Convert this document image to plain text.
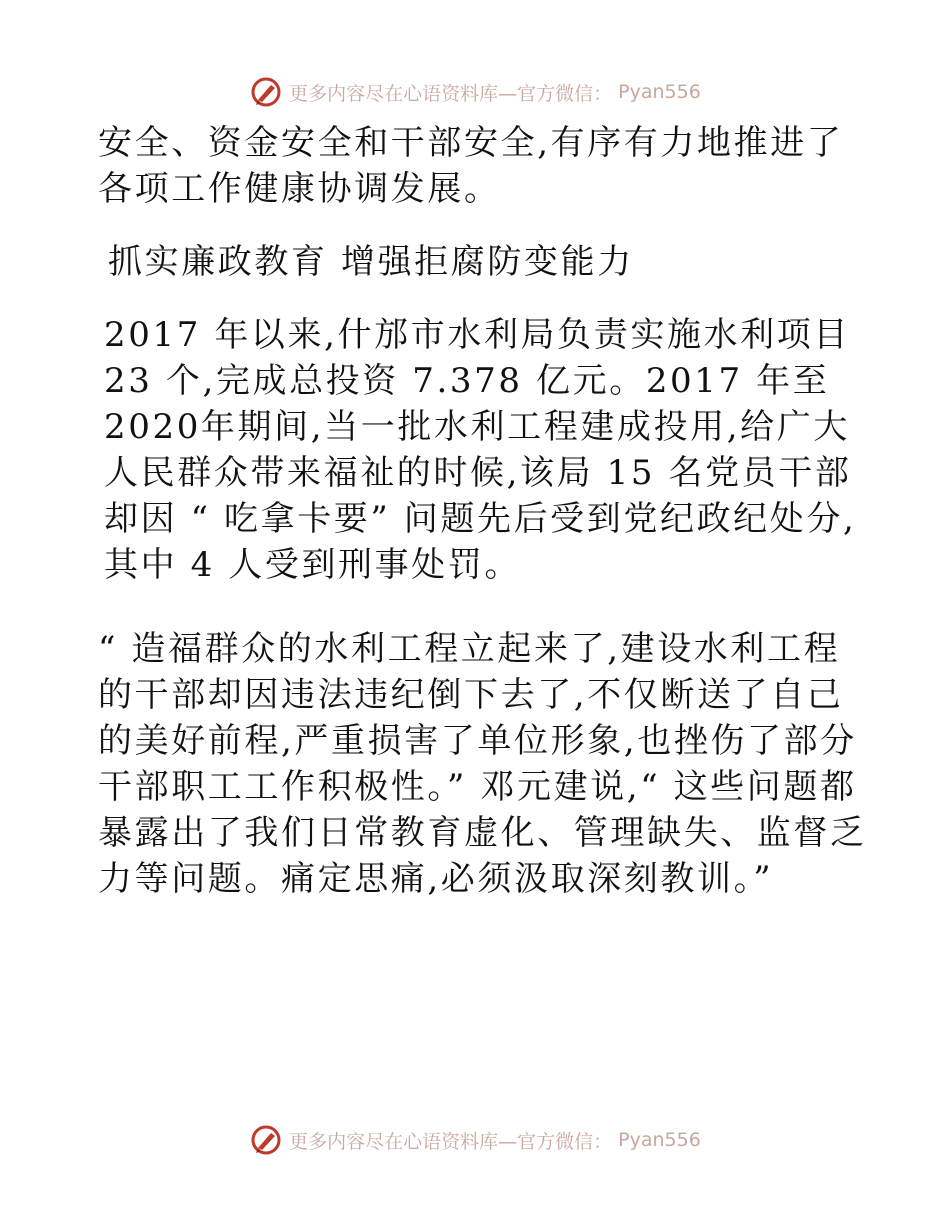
更多内容尽在心语资料库—官方微信： Pyan556

安全、资金安全和干部安全,有序有力地推进了各项工作健康协调发展。

抓实廉政教育 增强拒腐防变能力

2017 年以来,什邡市水利局负责实施水利项目 23 个,完成总投资 7.378 亿元。2017 年至 2020年期间,当一批水利工程建成投用,给广大人民群众带来福祉的时候,该局 15 名党员干部却因 “ 吃拿卡要” 问题先后受到党纪政纪处分,其中 4 人受到刑事处罚。

“ 造福群众的水利工程立起来了,建设水利工程的干部却因违法违纪倒下去了,不仅断送了自己的美好前程,严重损害了单位形象,也挫伤了部分干部职工工作积极性。” 邓元建说,“ 这些问题都暴露出了我们日常教育虚化、管理缺失、监督乏力等问题。痛定思痛,必须汲取深刻教训。”

更多内容尽在心语资料库—官方微信： Pyan556
